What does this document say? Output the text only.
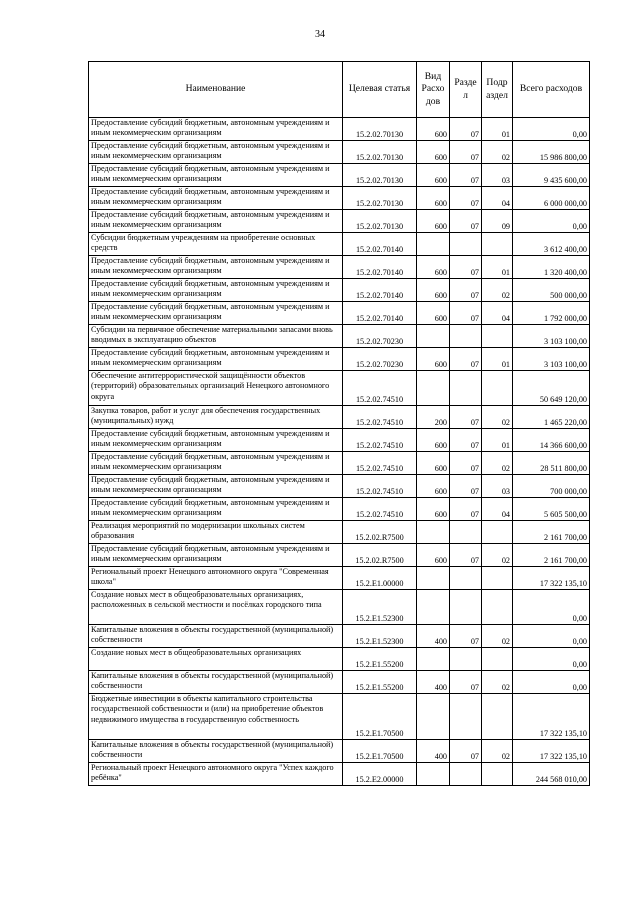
34
Наименование	Целевая статья	Вид Расхо дов	Разде л	Подр аздел	Всего расходов
Предоставление субсидий бюджетным, автономным учреждениям и иным некоммерческим организациям	15.2.02.70130	600	07	01	0,00
Предоставление субсидий бюджетным, автономным учреждениям и иным некоммерческим организациям	15.2.02.70130	600	07	02	15 986 800,00
Предоставление субсидий бюджетным, автономным учреждениям и иным некоммерческим организациям	15.2.02.70130	600	07	03	9 435 600,00
Предоставление субсидий бюджетным, автономным учреждениям и иным некоммерческим организациям	15.2.02.70130	600	07	04	6 000 000,00
Предоставление субсидий бюджетным, автономным учреждениям и иным некоммерческим организациям	15.2.02.70130	600	07	09	0,00
Субсидии бюджетным учреждениям на приобретение основных средств	15.2.02.70140				3 612 400,00
Предоставление субсидий бюджетным, автономным учреждениям и иным некоммерческим организациям	15.2.02.70140	600	07	01	1 320 400,00
Предоставление субсидий бюджетным, автономным учреждениям и иным некоммерческим организациям	15.2.02.70140	600	07	02	500 000,00
Предоставление субсидий бюджетным, автономным учреждениям и иным некоммерческим организациям	15.2.02.70140	600	07	04	1 792 000,00
Субсидии на первичное обеспечение материальными запасами вновь вводимых в эксплуатацию объектов	15.2.02.70230				3 103 100,00
Предоставление субсидий бюджетным, автономным учреждениям и иным некоммерческим организациям	15.2.02.70230	600	07	01	3 103 100,00
Обеспечение антитеррористической защищённости объектов (территорий) образовательных организаций Ненецкого автономного округа	15.2.02.74510				50 649 120,00
Закупка товаров, работ и услуг для обеспечения государственных (муниципальных) нужд	15.2.02.74510	200	07	02	1 465 220,00
Предоставление субсидий бюджетным, автономным учреждениям и иным некоммерческим организациям	15.2.02.74510	600	07	01	14 366 600,00
Предоставление субсидий бюджетным, автономным учреждениям и иным некоммерческим организациям	15.2.02.74510	600	07	02	28 511 800,00
Предоставление субсидий бюджетным, автономным учреждениям и иным некоммерческим организациям	15.2.02.74510	600	07	03	700 000,00
Предоставление субсидий бюджетным, автономным учреждениям и иным некоммерческим организациям	15.2.02.74510	600	07	04	5 605 500,00
Реализация мероприятий по модернизации школьных систем образования	15.2.02.R7500				2 161 700,00
Предоставление субсидий бюджетным, автономным учреждениям и иным некоммерческим организациям	15.2.02.R7500	600	07	02	2 161 700,00
Региональный проект Ненецкого автономного округа "Современная школа"	15.2.E1.00000				17 322 135,10
Создание новых мест в общеобразовательных организациях, расположенных в сельской местности и посёлках городского типа	15.2.E1.52300				0,00
Капитальные вложения в объекты государственной (муниципальной) собственности	15.2.E1.52300	400	07	02	0,00
Создание новых мест в общеобразовательных организациях	15.2.E1.55200				0,00
Капитальные вложения в объекты государственной (муниципальной) собственности	15.2.E1.55200	400	07	02	0,00
Бюджетные инвестиции в объекты капитального строительства государственной собственности и (или) на приобретение объектов недвижимого имущества в государственную собственность	15.2.E1.70500				17 322 135,10
Капитальные вложения в объекты государственной (муниципальной) собственности	15.2.E1.70500	400	07	02	17 322 135,10
Региональный проект Ненецкого автономного округа "Успех каждого ребёнка"	15.2.E2.00000				244 568 010,00
